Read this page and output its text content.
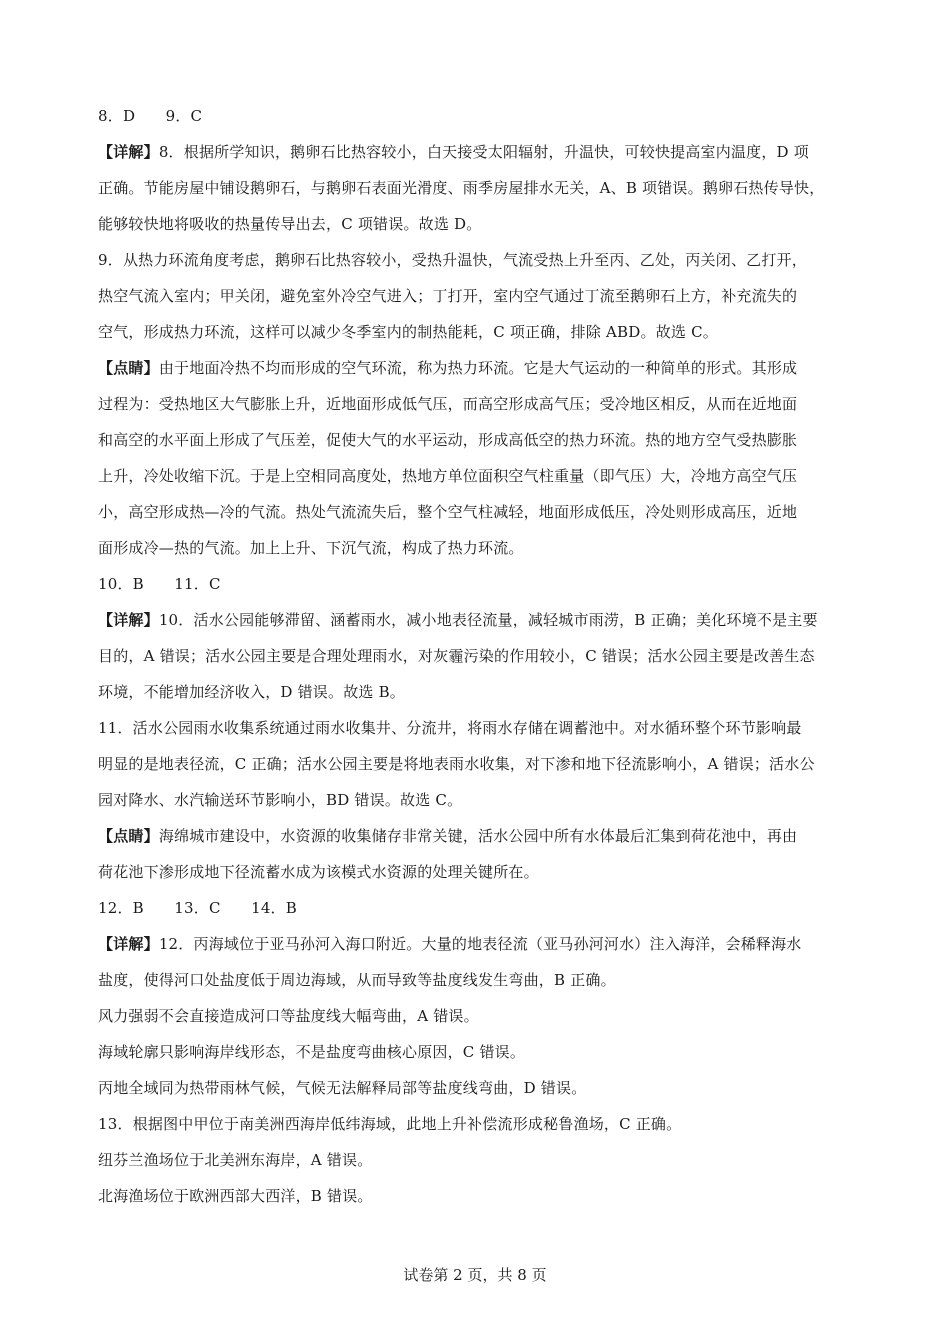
8．D　　9．C
【详解】8．根据所学知识，鹅卵石比热容较小，白天接受太阳辐射，升温快，可较快提高室内温度，D 项
正确。节能房屋中铺设鹅卵石，与鹅卵石表面光滑度、雨季房屋排水无关，A、B 项错误。鹅卵石热传导快，
能够较快地将吸收的热量传导出去，C 项错误。故选 D。
9．从热力环流角度考虑，鹅卵石比热容较小，受热升温快，气流受热上升至丙、乙处，丙关闭、乙打开，
热空气流入室内；甲关闭，避免室外冷空气进入；丁打开，室内空气通过丁流至鹅卵石上方，补充流失的
空气，形成热力环流，这样可以减少冬季室内的制热能耗，C 项正确，排除 ABD。故选 C。
【点睛】由于地面冷热不均而形成的空气环流，称为热力环流。它是大气运动的一种简单的形式。其形成
过程为：受热地区大气膨胀上升，近地面形成低气压，而高空形成高气压；受冷地区相反，从而在近地面
和高空的水平面上形成了气压差，促使大气的水平运动，形成高低空的热力环流。热的地方空气受热膨胀
上升，冷处收缩下沉。于是上空相同高度处，热地方单位面积空气柱重量（即气压）大，冷地方高空气压
小，高空形成热—冷的气流。热处气流流失后，整个空气柱减轻，地面形成低压，冷处则形成高压，近地
面形成冷—热的气流。加上上升、下沉气流，构成了热力环流。
10．B　　11．C
【详解】10．活水公园能够滞留、涵蓄雨水，减小地表径流量，减轻城市雨涝，B 正确；美化环境不是主要
目的，A 错误；活水公园主要是合理处理雨水，对灰霾污染的作用较小，C 错误；活水公园主要是改善生态
环境，不能增加经济收入，D 错误。故选 B。
11．活水公园雨水收集系统通过雨水收集井、分流井，将雨水存储在调蓄池中。对水循环整个环节影响最
明显的是地表径流，C 正确；活水公园主要是将地表雨水收集，对下渗和地下径流影响小，A 错误；活水公
园对降水、水汽输送环节影响小，BD 错误。故选 C。
【点睛】海绵城市建设中，水资源的收集储存非常关键，活水公园中所有水体最后汇集到荷花池中，再由
荷花池下渗形成地下径流蓄水成为该模式水资源的处理关键所在。
12．B　　13．C　　14．B
【详解】12．丙海域位于亚马孙河入海口附近。大量的地表径流（亚马孙河河水）注入海洋，会稀释海水
盐度，使得河口处盐度低于周边海域，从而导致等盐度线发生弯曲，B 正确。
风力强弱不会直接造成河口等盐度线大幅弯曲，A 错误。
海域轮廓只影响海岸线形态，不是盐度弯曲核心原因，C 错误。
丙地全域同为热带雨林气候，气候无法解释局部等盐度线弯曲，D 错误。
13．根据图中甲位于南美洲西海岸低纬海域，此地上升补偿流形成秘鲁渔场，C 正确。
纽芬兰渔场位于北美洲东海岸，A 错误。
北海渔场位于欧洲西部大西洋，B 错误。
试卷第 2 页，共 8 页
